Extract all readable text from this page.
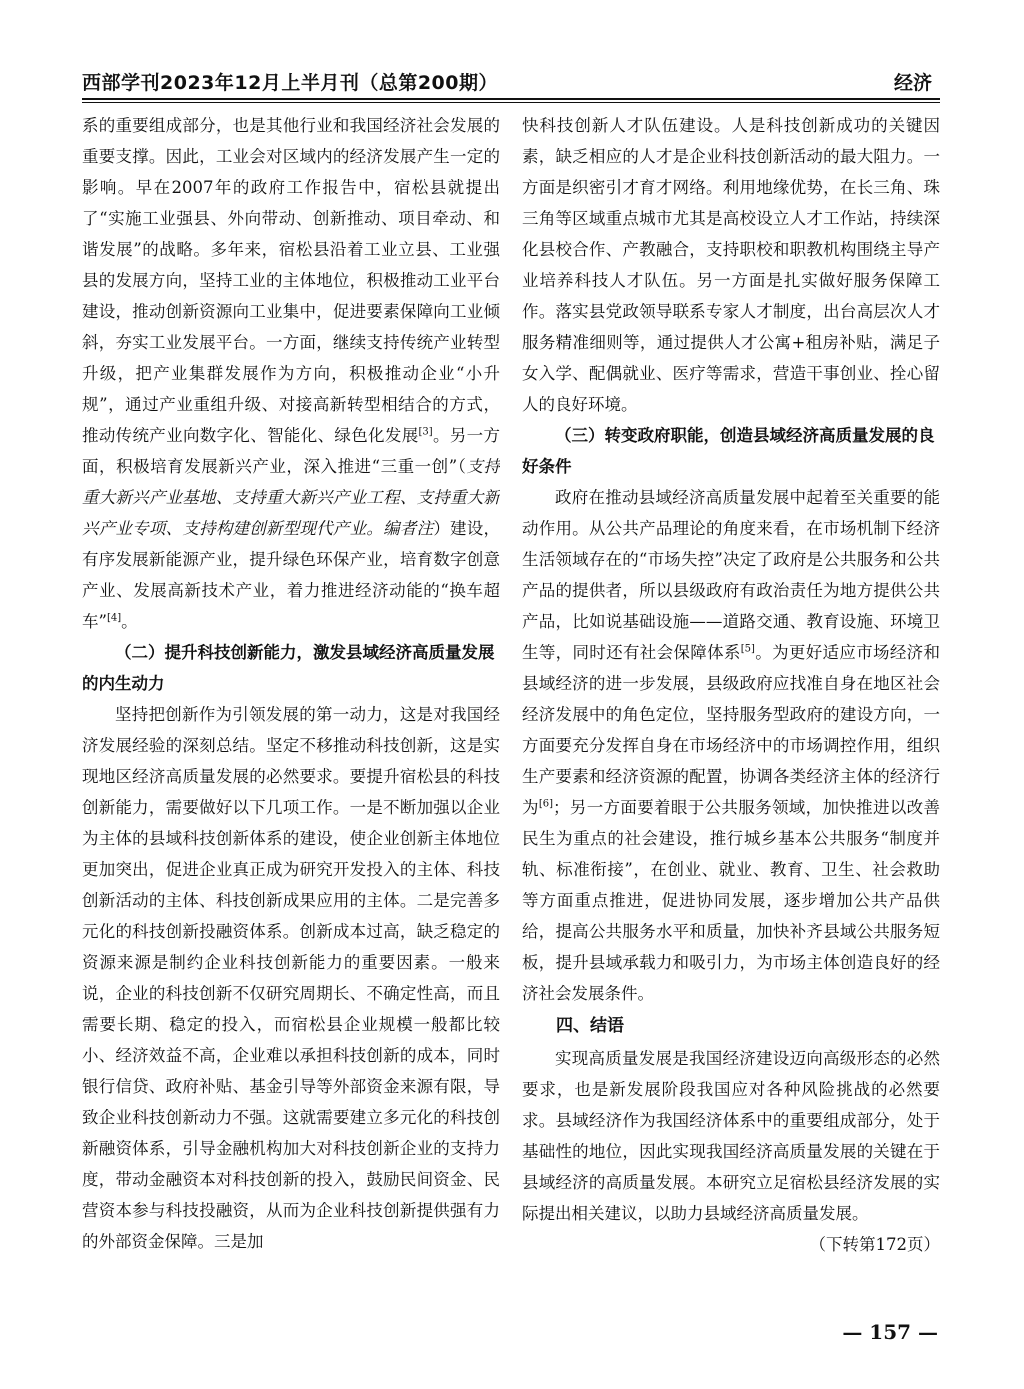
西部学刊2023年12月上半月刊（总第200期）	经济

系的重要组成部分，也是其他行业和我国经济社会发展的重要支撑。因此，工业会对区域内的经济发展产生一定的影响。早在2007年的政府工作报告中，宿松县就提出了“实施工业强县、外向带动、创新推动、项目牵动、和谐发展”的战略。多年来，宿松县沿着工业立县、工业强县的发展方向，坚持工业的主体地位，积极推动工业平台建设，推动创新资源向工业集中，促进要素保障向工业倾斜，夯实工业发展平台。一方面，继续支持传统产业转型升级，把产业集群发展作为方向，积极推动企业“小升规”，通过产业重组升级、对接高新转型相结合的方式，推动传统产业向数字化、智能化、绿色化发展[3]。另一方面，积极培育发展新兴产业，深入推进“三重一创”（支持重大新兴产业基地、支持重大新兴产业工程、支持重大新兴产业专项、支持构建创新型现代产业。编者注）建设，有序发展新能源产业，提升绿色环保产业，培育数字创意产业、发展高新技术产业，着力推进经济动能的“换车超车”[4]。

（二）提升科技创新能力，激发县域经济高质量发展的内生动力

坚持把创新作为引领发展的第一动力，这是对我国经济发展经验的深刻总结。坚定不移推动科技创新，这是实现地区经济高质量发展的必然要求。要提升宿松县的科技创新能力，需要做好以下几项工作。一是不断加强以企业为主体的县域科技创新体系的建设，使企业创新主体地位更加突出，促进企业真正成为研究开发投入的主体、科技创新活动的主体、科技创新成果应用的主体。二是完善多元化的科技创新投融资体系。创新成本过高，缺乏稳定的资源来源是制约企业科技创新能力的重要因素。一般来说，企业的科技创新不仅研究周期长、不确定性高，而且需要长期、稳定的投入，而宿松县企业规模一般都比较小、经济效益不高，企业难以承担科技创新的成本，同时银行信贷、政府补贴、基金引导等外部资金来源有限，导致企业科技创新动力不强。这就需要建立多元化的科技创新融资体系，引导金融机构加大对科技创新企业的支持力度，带动金融资本对科技创新的投入，鼓励民间资金、民营资本参与科技投融资，从而为企业科技创新提供强有力的外部资金保障。三是加

快科技创新人才队伍建设。人是科技创新成功的关键因素，缺乏相应的人才是企业科技创新活动的最大阻力。一方面是织密引才育才网络。利用地缘优势，在长三角、珠三角等区域重点城市尤其是高校设立人才工作站，持续深化县校合作、产教融合，支持职校和职教机构围绕主导产业培养科技人才队伍。另一方面是扎实做好服务保障工作。落实县党政领导联系专家人才制度，出台高层次人才服务精准细则等，通过提供人才公寓+租房补贴，满足子女入学、配偶就业、医疗等需求，营造干事创业、拴心留人的良好环境。

（三）转变政府职能，创造县域经济高质量发展的良好条件

政府在推动县域经济高质量发展中起着至关重要的能动作用。从公共产品理论的角度来看，在市场机制下经济生活领域存在的“市场失控”决定了政府是公共服务和公共产品的提供者，所以县级政府有政治责任为地方提供公共产品，比如说基础设施——道路交通、教育设施、环境卫生等，同时还有社会保障体系[5]。为更好适应市场经济和县域经济的进一步发展，县级政府应找准自身在地区社会经济发展中的角色定位，坚持服务型政府的建设方向，一方面要充分发挥自身在市场经济中的市场调控作用，组织生产要素和经济资源的配置，协调各类经济主体的经济行为[6]；另一方面要着眼于公共服务领域，加快推进以改善民生为重点的社会建设，推行城乡基本公共服务“制度并轨、标准衔接”，在创业、就业、教育、卫生、社会救助等方面重点推进，促进协同发展，逐步增加公共产品供给，提高公共服务水平和质量，加快补齐县域公共服务短板，提升县域承载力和吸引力，为市场主体创造良好的经济社会发展条件。

四、结语

实现高质量发展是我国经济建设迈向高级形态的必然要求，也是新发展阶段我国应对各种风险挑战的必然要求。县域经济作为我国经济体系中的重要组成部分，处于基础性的地位，因此实现我国经济高质量发展的关键在于县域经济的高质量发展。本研究立足宿松县经济发展的实际提出相关建议，以助力县域经济高质量发展。
（下转第172页）

— 157 —
